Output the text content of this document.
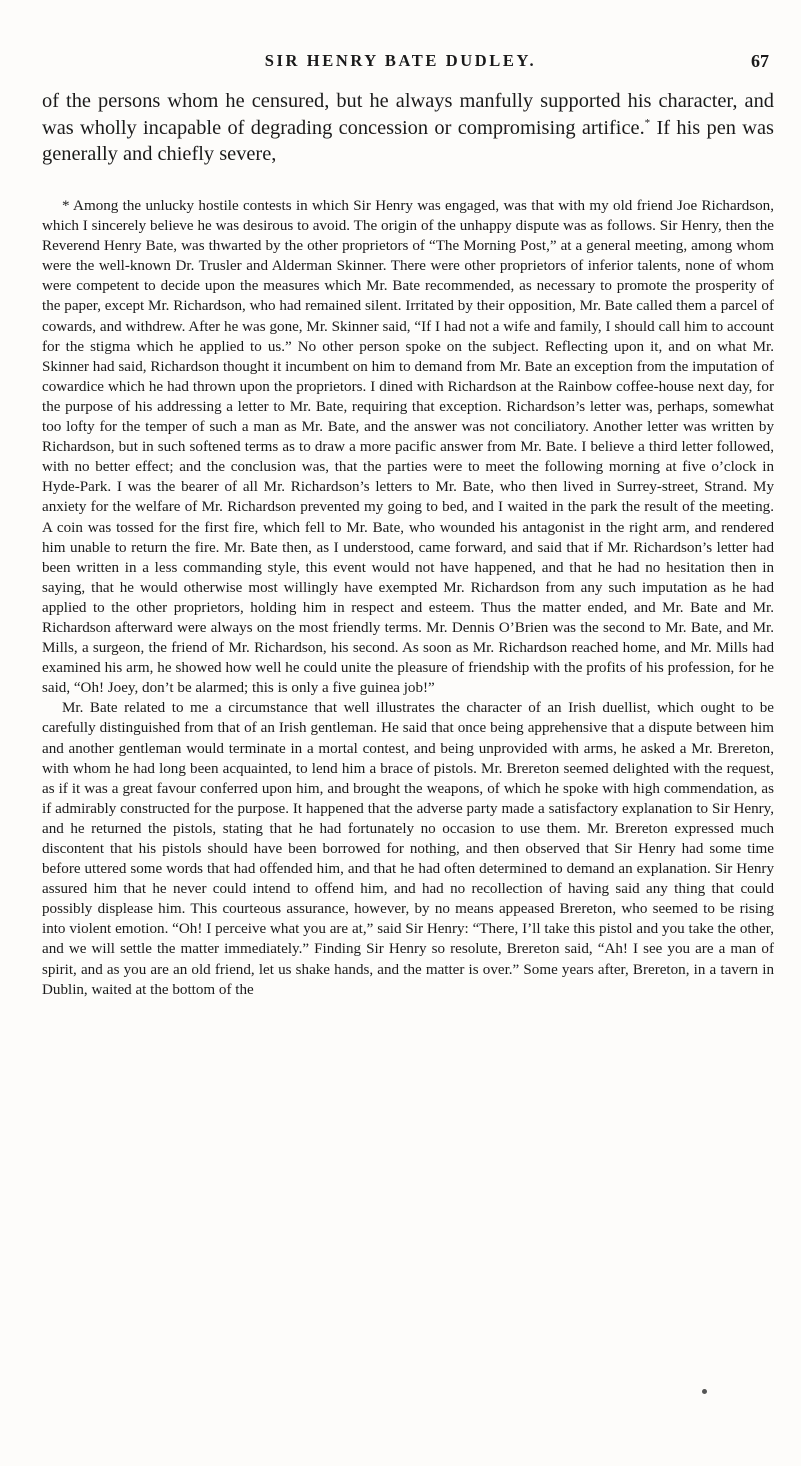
SIR HENRY BATE DUDLEY.	67

of the persons whom he censured, but he always manfully supported his character, and was wholly incapable of degrading concession or compromising artifice.* If his pen was generally and chiefly severe,

* Among the unlucky hostile contests in which Sir Henry was engaged, was that with my old friend Joe Richardson, which I sincerely believe he was desirous to avoid. The origin of the unhappy dispute was as follows. Sir Henry, then the Reverend Henry Bate, was thwarted by the other proprietors of “The Morning Post,” at a general meeting, among whom were the well-known Dr. Trusler and Alderman Skinner. There were other proprietors of inferior talents, none of whom were competent to decide upon the measures which Mr. Bate recommended, as necessary to promote the prosperity of the paper, except Mr. Richardson, who had remained silent. Irritated by their opposition, Mr. Bate called them a parcel of cowards, and withdrew. After he was gone, Mr. Skinner said, “If I had not a wife and family, I should call him to account for the stigma which he applied to us.” No other person spoke on the subject. Reflecting upon it, and on what Mr. Skinner had said, Richardson thought it incumbent on him to demand from Mr. Bate an exception from the imputation of cowardice which he had thrown upon the proprietors. I dined with Richardson at the Rainbow coffee-house next day, for the purpose of his addressing a letter to Mr. Bate, requiring that exception. Richardson’s letter was, perhaps, somewhat too lofty for the temper of such a man as Mr. Bate, and the answer was not conciliatory. Another letter was written by Richardson, but in such softened terms as to draw a more pacific answer from Mr. Bate. I believe a third letter followed, with no better effect; and the conclusion was, that the parties were to meet the following morning at five o’clock in Hyde-Park. I was the bearer of all Mr. Richardson’s letters to Mr. Bate, who then lived in Surrey-street, Strand. My anxiety for the welfare of Mr. Richardson prevented my going to bed, and I waited in the park the result of the meeting. A coin was tossed for the first fire, which fell to Mr. Bate, who wounded his antagonist in the right arm, and rendered him unable to return the fire. Mr. Bate then, as I understood, came forward, and said that if Mr. Richardson’s letter had been written in a less commanding style, this event would not have happened, and that he had no hesitation then in saying, that he would otherwise most willingly have exempted Mr. Richardson from any such imputation as he had applied to the other proprietors, holding him in respect and esteem. Thus the matter ended, and Mr. Bate and Mr. Richardson afterward were always on the most friendly terms. Mr. Dennis O’Brien was the second to Mr. Bate, and Mr. Mills, a surgeon, the friend of Mr. Richardson, his second. As soon as Mr. Richardson reached home, and Mr. Mills had examined his arm, he showed how well he could unite the pleasure of friendship with the profits of his profession, for he said, “Oh! Joey, don’t be alarmed; this is only a five guinea job!”

Mr. Bate related to me a circumstance that well illustrates the character of an Irish duellist, which ought to be carefully distinguished from that of an Irish gentleman. He said that once being apprehensive that a dispute between him and another gentleman would terminate in a mortal contest, and being unprovided with arms, he asked a Mr. Brereton, with whom he had long been acquainted, to lend him a brace of pistols. Mr. Brereton seemed delighted with the request, as if it was a great favour conferred upon him, and brought the weapons, of which he spoke with high commendation, as if admirably constructed for the purpose. It happened that the adverse party made a satisfactory explanation to Sir Henry, and he returned the pistols, stating that he had fortunately no occasion to use them. Mr. Brereton expressed much discontent that his pistols should have been borrowed for nothing, and then observed that Sir Henry had some time before uttered some words that had offended him, and that he had often determined to demand an explanation. Sir Henry assured him that he never could intend to offend him, and had no recollection of having said any thing that could possibly displease him. This courteous assurance, however, by no means appeased Brereton, who seemed to be rising into violent emotion. “Oh! I perceive what you are at,” said Sir Henry: “There, I’ll take this pistol and you take the other, and we will settle the matter immediately.” Finding Sir Henry so resolute, Brereton said, “Ah! I see you are a man of spirit, and as you are an old friend, let us shake hands, and the matter is over.” Some years after, Brereton, in a tavern in Dublin, waited at the bottom of the
